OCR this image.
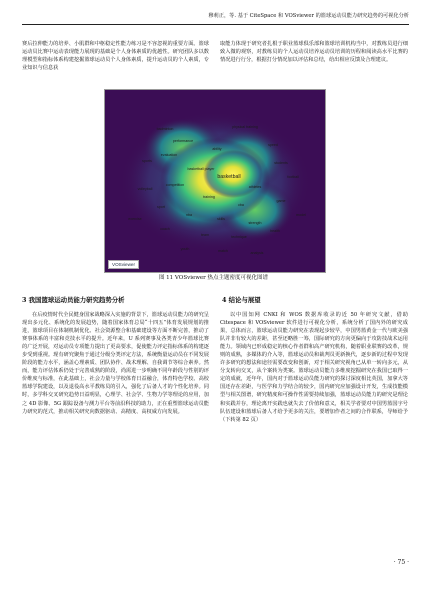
穆莉正，等. 基于 CiteSpace 和 VOSviewer 的篮球运动员能力研究趋势的可视化分析

赛后拉伸能力的培养、小肌群和中枢稳定性能力练习是不容忽视的重要方面。篮球运动员比赛中运动表现能力展现的基础是个人身体素质的优越性。研究团队多以数理模型和指标体系构建挖掘篮球运动员个人身体素质，提升运动员的个人素质，专业知识与信息获

取能力体现于研究者扎根于职业篮球俱乐部和篮球培训机构当中，对教练员进行细致入微的观察，对教练员的个人运动员培养运动员培训的历程和阅读高水平比赛的情况进行行分，根据打分情况加以评估和总结，给出相应反馈及合理建议。

badminton	physical training
performance
speed
ability
sports
basketball player
basketball
competition	athletes
training
sport	cba
game
nba
skills
strength
coach
team	technique
health
volleyball
football
youth	match	analysis
exercise
model
evaluation
students
VOSviewer
图 11 VOSviewer 热点主题密度可视化图谱
3 我国篮球运动员能力研究趋势分析	4 结论与展望

在后疫情时代全民健身国家战略深入实施的背景下，篮球运动员能力的研究呈现出多元化、系统化的发展趋势，随着国家体育总局“十四五”体育发展规划的推进，篮球项目在体制机制优化、社会资源整合和基础建设等方面不断完善，推动了赛事体系的丰富和竞技水平的提升。近年来，U 系列赛事及各类青少年篮球比赛的广泛开展，对运动员专项能力提出了更高要求，促使能力评定指标体系的构建逐步受到重视。现有研究聚焦于通过分级分类评定方法，系统衡量运动员在不同发展阶段的能力水平，涵盖心理素质、团队协作、战术理解、自我调节等综合素养。然而，能力评估体系仍处于完善成熟的阶段，尚需进一步明确不同年龄段与性别的评价维度与标准，在此基础上，社会力量与学校体育日益融合，体育特色学校、高校篮球学院建设，以及退役高水平教练员的引入，强化了后备人才的个性化培养。同时，多学科交叉研究趋势日益明显，心理学、社会学、生物力学等理论的应用，加之 4D 影像、5G 跟踪设备与测力平台等前沿科技的助力，正在重塑篮球运动员能力研究的范式，推动相关研究向数据驱动、高精度、高权威方向发展。

以中国知网 CNKI 和 WOS 数据库收录的近 50 年研究文献，借助 Citespace 和 VOSviewer 软件进行可视化分析，系统分析了国内外的研究成果，总体而言，篮球运动员能力研究在表现起步较早，中国男篮黄金一代与欧美强队并非有较大的差距，甚至还略胜一筹，国际研究的方向更偏向于攻防技战术运用能力。领域内已形成稳定的核心作者群和高产研究机构，随着职业联赛的改革，规则的成熟，多媒体的介入等，篮球运动员和裁判员更新换代，逐步新的过程中发现许多研究的想法和途径需要改变和创新，对于相关研究视角已从单一转向多元，从分支转向交叉，从个案转为类案。篮球运动员能力多维度挖掘研究在我国已取得一定的成就，近年年，国内对于篮球运动员能力研究的探讨深度相比英国，加拿大等国还存在差距，与医学和力学结合的较少，国内研究应加强设计开发，生成技能模型与相关图谱，研究精度和可操作性需要持续加强，篮球运动员能力的研究是理论和实践并存，理论离开实践也就失去了价值和意义，相关学者要对中国男篮国字号队伍建设和篮球后备人才给予更多的关注，要增加作者之间的合作联系，导师给予（下转第 82 页）

· 75 ·
